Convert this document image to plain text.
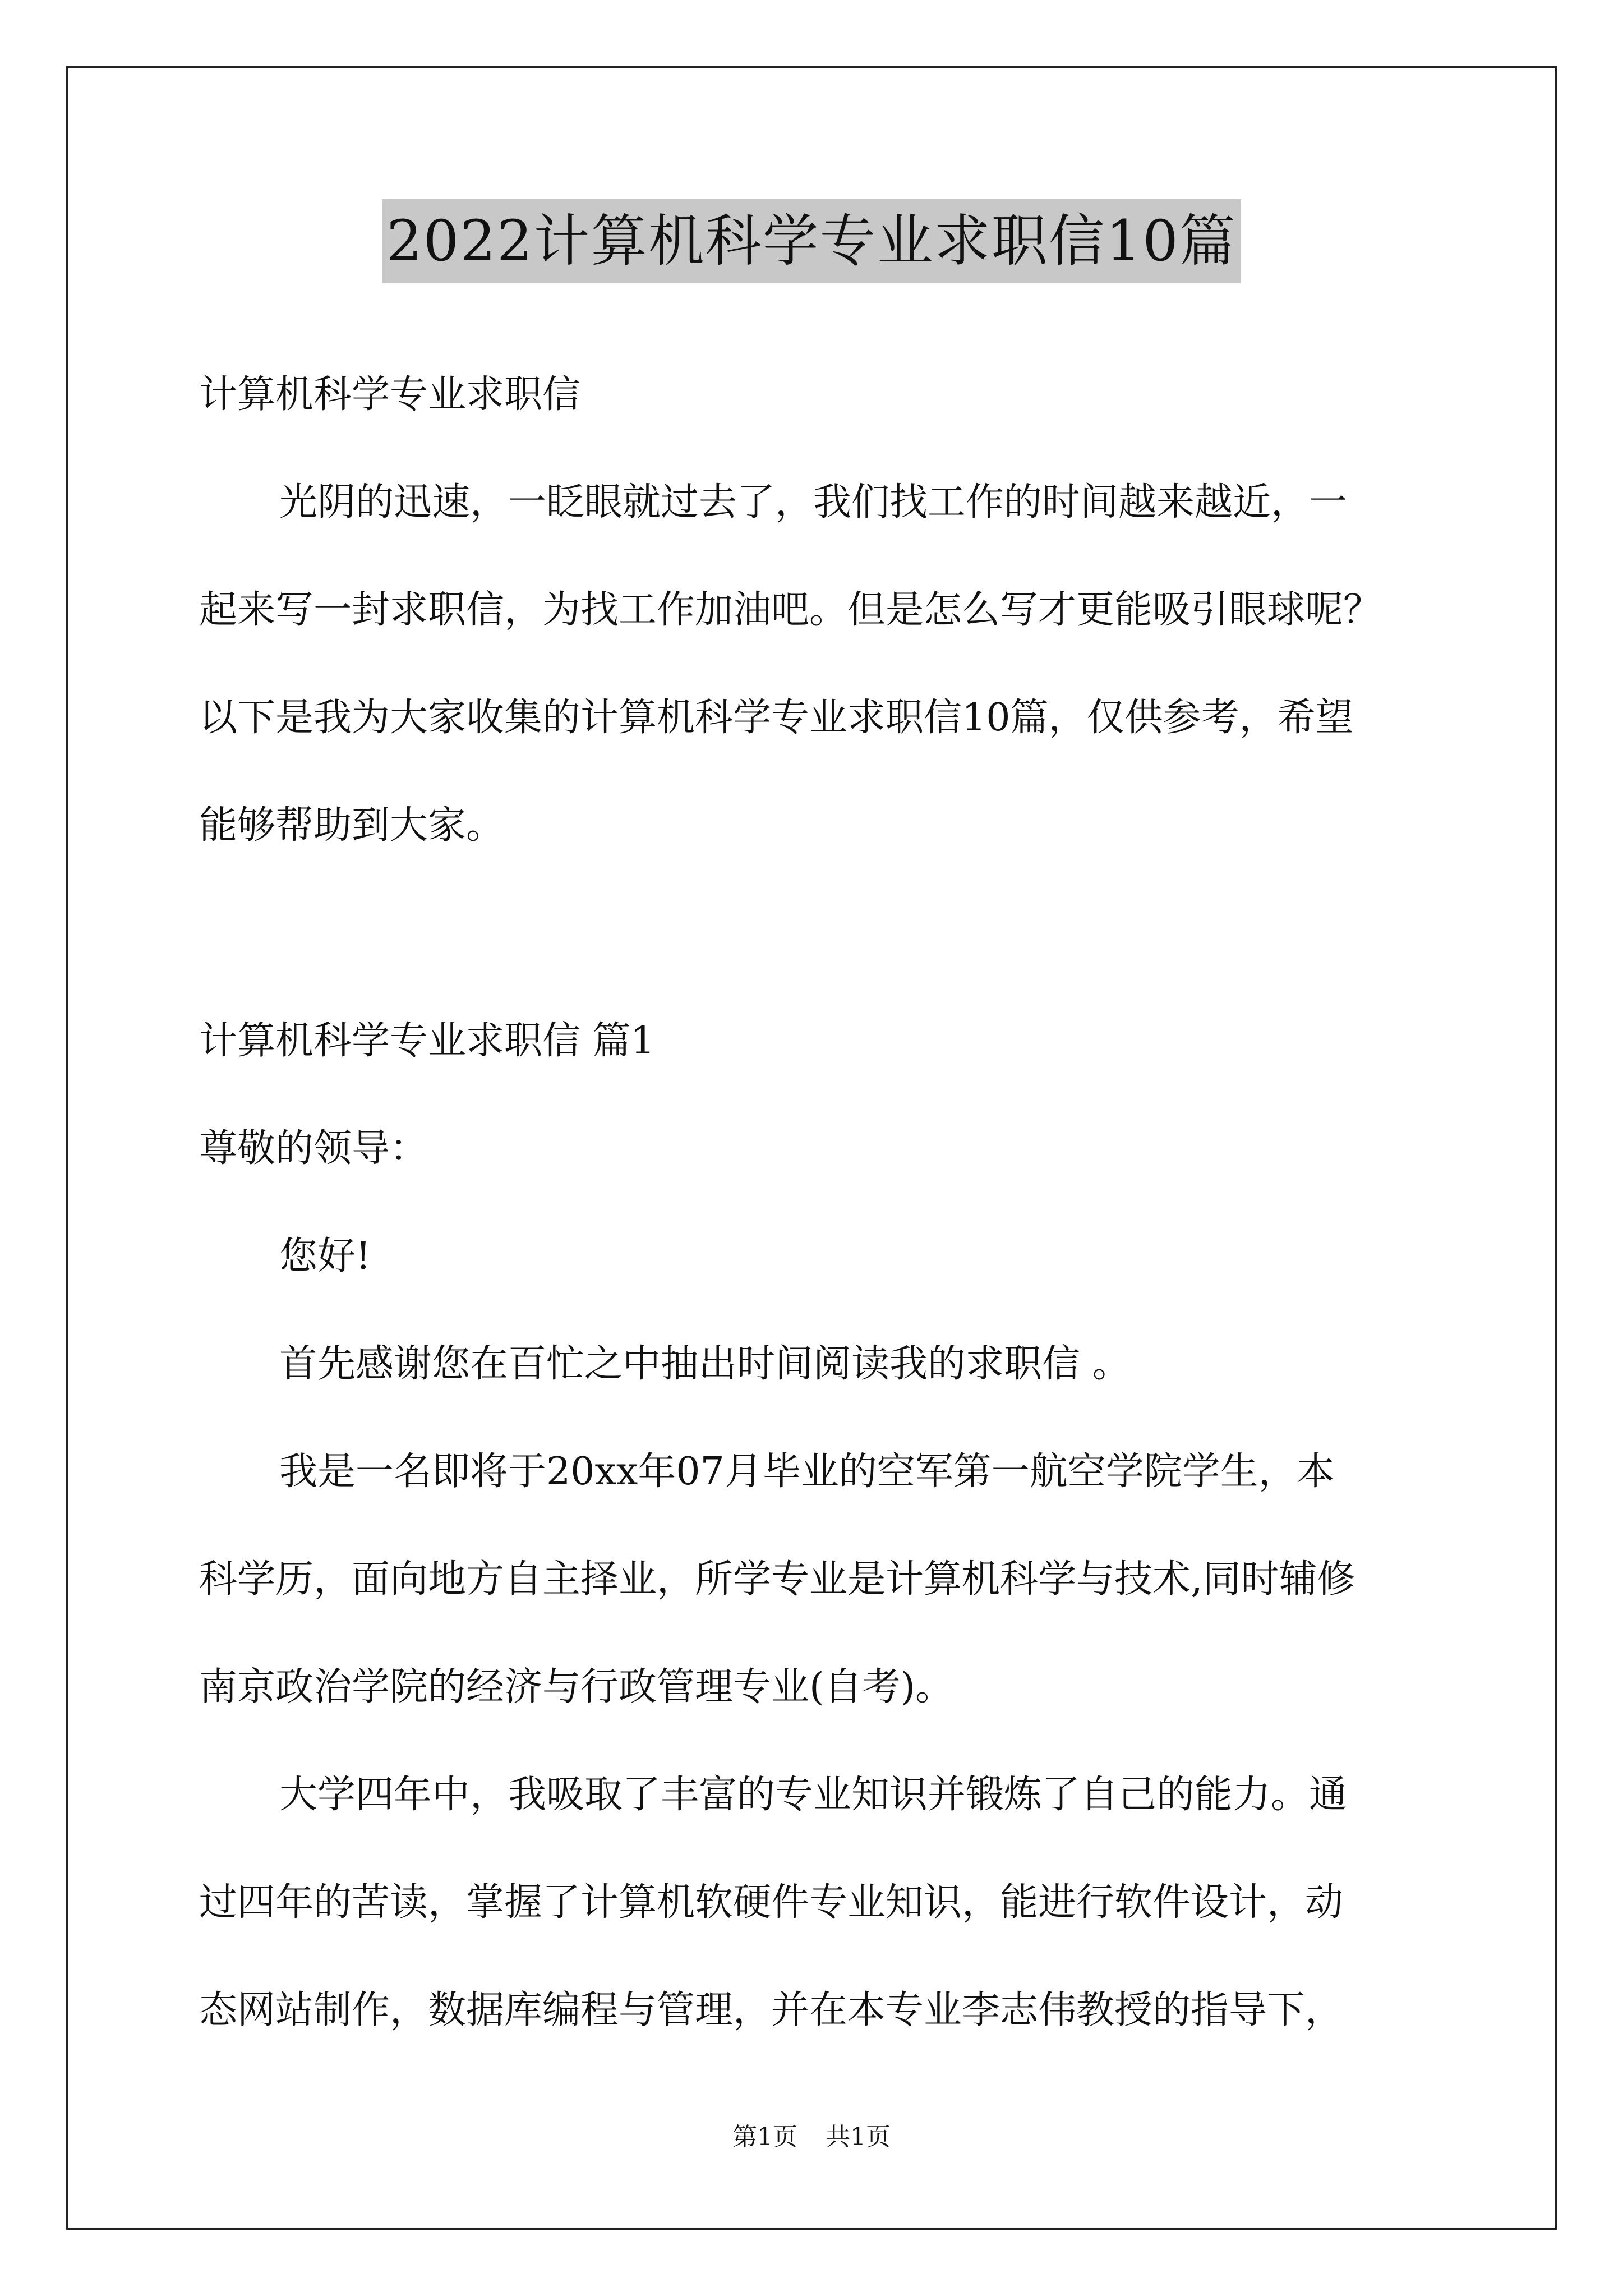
2022计算机科学专业求职信10篇

计算机科学专业求职信

光阴的迅速，一眨眼就过去了，我们找工作的时间越来越近，一

起来写一封求职信，为找工作加油吧。但是怎么写才更能吸引眼球呢？

以下是我为大家收集的计算机科学专业求职信10篇，仅供参考，希望

能够帮助到大家。

计算机科学专业求职信 篇1

尊敬的领导：

您好!

首先感谢您在百忙之中抽出时间阅读我的求职信 。

我是一名即将于20xx年07月毕业的空军第一航空学院学生，本

科学历，面向地方自主择业，所学专业是计算机科学与技术,同时辅修

南京政治学院的经济与行政管理专业(自考)。

大学四年中，我吸取了丰富的专业知识并锻炼了自己的能力。通

过四年的苦读，掌握了计算机软硬件专业知识，能进行软件设计，动

态网站制作，数据库编程与管理，并在本专业李志伟教授的指导下，

第1页 共1页
